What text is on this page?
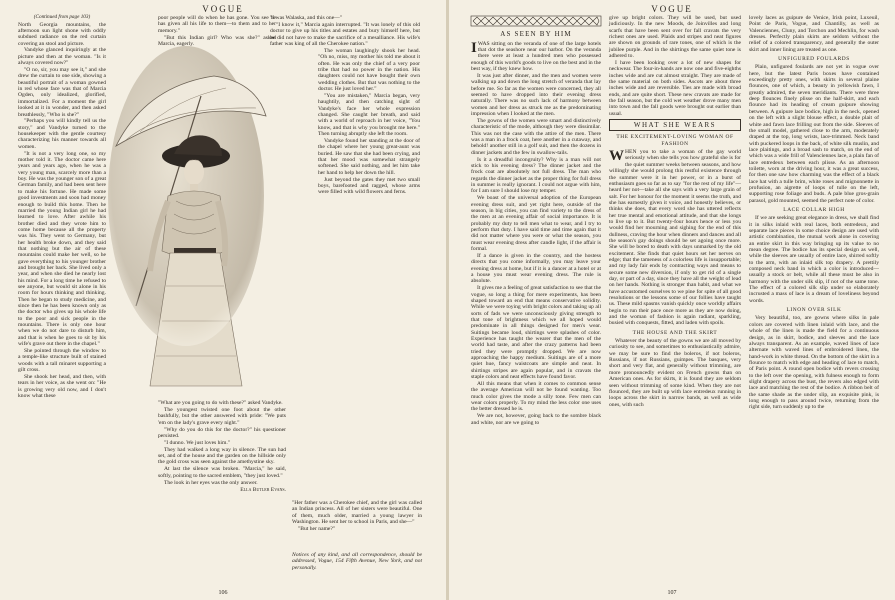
VOGUE

(Continued from page 103)

North Georgia mountains, the afternoon sun light shone with oddly subdued radiance on the red curtain covering an stool and picture.

Vandyke glanced inquiringly at the picture and then at the woman. "Is it always covered now?"

"O no, sir, you may see it," and she drew the curtain to one side, showing a beautiful portrait of a woman gowned in red whose face was that of Marcia Ogden, only idealized, glorified, immortalized. For a moment the girl looked at it in wonder, and then asked breathlessly, "Who is she?"

"Perhaps you will kindly tell us the story," and Vandyke turned to the housekeeper with the gentle courtesy characterizing his manner towards all women.

"It is not a very long one, so my mother told it. The doctor came here years and years ago, when he was a very young man, scarcely more than a boy. He was the younger son of a great German family, and had been sent here to make his fortune. He made some good investments and soon had money enough to build this home. Then he married the young Indian girl he had learned to love. After awhile his brother died and they wrote him to come home because all the property was his. They went to Germany, but her health broke down, and they said that nothing but the air of these mountains could make her well, so he gave everything to his younger brother and brought her back. She lived only a year, and when she died he nearly lost his mind. For a long time he refused to see anyone, but would sit alone in his room for hours thinking and thinking. Then he began to study medicine, and since then he has been known only as the doctor who gives up his whole life to the poor and sick people in the mountains. There is only one hour when we do not dare to disturb him, and that is when he goes to sit by his wife's grave out there in the chapel."

She pointed through the window to a temple-like structure built of stained woods with a tall minaret supporting a gilt cross.

She shook her head, and then, with tears in her voice, as she went on: "He is growing very old now, and I don't know what these

poor people will do when he has gone. You see he has given all his life to them—to them and to her memory."

"But this Indian girl? Who was she?" asked Marcia, eagerly.

"I was Walaska, and this one—"

"I know it," Marcia again interrupted. "It was lonely of this old doctor to give up his titles and estates and bury himself here, but he did not have to make the sacrifice of a mesalliance. His wife's father was king of all the Cherokee nation."

The woman laughingly shook her head. "Oh no, miss, my mother his told me about it often. He was only the chief of a very poor tribe that had no power in the nation. His daughters could not have bought their own wedding clothes. But that was nothing to the doctor. He just loved her."

"You are mistaken," Marcia began, very haughtily, and then catching sight of Vandyke's face her whole expression changed. She caught her breath, and said with a world of reproach in her voice, "You know, and that is why you brought me here." Then turning abruptly she left the room.

Vandyke found her standing at the door of the chapel where her young great-aunt was buried. He saw that she had been crying, and that her mood was somewhat strangely softened. She said nothing, and let him take her hand to help her down the hill.

Just beyond the gates they met two small boys, barefooted and ragged, whose arms were filled with wild flowers and ferns.

"What are you going to do with these?" asked Vandyke.

The youngest twisted one foot about the other bashfully, but the other answered with pride: "We puts 'em on the lady's grave every night."

"Why do you do this for the doctor?" his questioner persisted.

"I dunno. We just loves him."

They had walked a long way in silence. The sun had set, and of the house and the garden on the hillside only the gold cross was seen against the amethystine sky.

At last the silence was broken. "Marcia," he said, softly, pointing to the sacred emblem, "they just loved."

The look in her eyes was the only answer.

Ella Butler Evans.

"Her father was a Cherokee chief, and the girl was called an Indian princess. All of her sisters were beautiful. One of them, much older, married a young lawyer in Washington. He sent her to school in Paris, and she—"

"But her name?"

Notices of any kind, and all correspondence, should be addressed, Vogue, 154 Fifth Avenue, New York, and not personally.

106
VOGUE
AS SEEN BY HIM

IWAS sitting on the veranda of one of the large hotels that dot the seashore near our harbor. On the veranda there were at least a hundred men who possessed enough of this world's goods to live on the best and in the best way, if they knew how.

It was just after dinner, and the men and women were walking up and down the long stretch of veranda that lay before me. So far as the women were concerned, they all seemed to have dropped into their evening dress naturally. There was no such lack of harmony between women and her dress as struck me as the predominating impression when I looked at the men.

The gowns of the women were smart and distinctively characteristic of the mode, although they were dissimilar. This was not the case with the attire of the men. There was a man in a frock coat, here another in a cutaway, and behold! another still in a golf suit, and then the dozens in dinner jackets and the few in swallow-tails.

Is it a dreadful incongruity? Why is a man will not stick to his evening dress? The dinner jacket and the frock coat are absolutely not full dress. The man who regards the dinner jacket as the proper thing for full dress in summer is really ignorant. I could not argue with him, for I am sure I should lose my temper.

We boast of the universal adoption of the European evening dress suit, and yet right here, outside of the season, in big cities, you can find variety to the dress of the men at an evening affair of social importance. It is probably my duty to tell men what to wear, and I try to perform that duty. I have said time and time again that it did not matter where you were or what the season, you must wear evening dress after candle light, if the affair is formal.

If a dance is given in the country, and the hostess directs that you come informally, you may leave your evening dress at home, but if it is a dancer at a hotel or at a house you must wear evening dress. The rule is absolute.

It gives me a feeling of great satisfaction to see that the vogue, so long a thing for mere experiments, has been shaped toward an end that means conservative solidity. While we were toying with bright colors and taking up all sorts of fads we were unconsciously giving strength to that tone of brightness which we all hoped would predominate in all things designed for men's wear. Suitings became loud, shirtings were splashes of color. Experience has taught the wearer that the men of the world had taste, and after the crazy patterns had been tried they were promptly dropped. We are now approaching the happy medium. Suitings are of a more quiet hue, fancy waistcoats are simple and neat. In shirtings stripes are again popular, and in cravats the staple colors and neat effects have found favor.

All this means that when it comes to common sense the average American will not be found wanting. Too much color gives the mode a silly tone. Few men can wear colors properly. To my mind the less color one uses the better dressed he is.

We are not, however, going back to the sombre black and white, nor are we going to

give up bright colors. They will be used, but used judiciously. In the new Moods, de Joinvilles and long scarfs that have been sent over for fall cravats the very richest ones are used. Plaids and stripes and neat figures are shown on grounds of rare tones, one of which is the jubilee purple. And in the shirtings the same quiet tone is adhered to.

I have been looking over a lot of new shapes for neckwear. The four-in-hands are now one and five-eighths inches wide and are cut almost straight. They are made of the same material on both sides. Ascots are about three inches wide and are reversible. Ties are made with broad ends, and are quite short. These new cravats are made for the fall season, but the cold wet weather drove many men into town and the fall goods were brought out earlier than usual.

WHAT SHE WEARS
THE EXCITEMENT-LOVING WOMAN OF FASHION

WHEN you to take a woman of the gay world seriously when she tells you how grateful she is for the quiet summer weeks between seasons, and how willingly she would prolong this restful existence through the summer were it in her power, or in a burst of enthusiasm goes so far as to say "for the rest of my life"—heard her not—take all she says with a very large grain of salt. For her honour for the moment it seems the truth, and she has earnestly given it voice, and honestly believes, or thinks she does, that every word she has uttered reflects her true mental and emotional attitude, and that she longs to live up to it. But twenty-four hours hence or less you would find her mourning and sighing for the end of this dullness, craving the hour when dinners and dances and all the season's gay doings should be set agoing once more. She will be bored to death with days unmarked by the old excitement. She finds that quiet hours set her nerves on edge; that the tameness of a colorless life is insupportable; and my lady fair ends by contracting ways and means to secure some new diversion, if only to get rid of a single day, or part of a day, since they have all the weight of lead on her hands. Nothing is stronger than habit, and what we have accustomed ourselves to we pine for spite of all good resolutions or the lessons some of our follies have taught us. These mild spasms vanish quickly once worldly affairs begin to run their pace once more as they are now doing, and the woman of fashion is again radiant, sparkling, busied with conquests, fitted, and laden with spoils.

THE HOUSE AND THE SKIRT

Whatever the beauty of the gowns we are all moved by curiosity to see, and sometimes to enthusiastically admire, we may be sure to find the boleros, if not boleros, Russians, if not Russians, guimpes. The basques, very short and very flat, and generally without trimming, are more pronouncedly evident on French gowns than on American ones. As for skirts, it is found they are seldom seen without trimming of some kind. When they are not flounced, they are built up with lace entredeux running in loops across the skirt in narrow bands, as well as wide ones, with such

lovely laces as guipure de Venice, Irish point, Luxeuil, Point de Paris, Vogue, and Chantilly, as well as Valenciennes, Cluny, and Torchon and Mechlin, for wash dresses. Perfectly plain skirts are seldom without the relief of a colored transparency, and generally the outer skirt and inner lining are treated as one.

UNFIGURED FOULARDS

Plain, unfigured foulards are not yet in vogue over here, but the latest Paris boxes have contained exceedingly pretty ones, with skirts in several plaine flounces, one of which, a beauty in yellowish fawn, I greatly admired, the seven meridiants. There were three deep flounces finely plisse on the half-skirt, and each flounce had its heading of cream guipure showing between. A guipure lace bodice, high in the neck, opened on the left with a slight blouse effect, a double plait of white and fawn lace frilling out from the side. Sleeves of the small model, gathered close to the arm, moderately draped at the top, long wrists, lace-trimmed. Neck band with puckered loops in the back, of white silk muslin, and lace plaitings, and a broad sash to match, on the end of which was a wide frill of Valenciennes lace, a plain fan of lace entredeux between each plisse. As an afternoon toilette, worn at the driving hour, it was a great success, for then one saw how charming was the effect of a black lace hat with a tulle brim, white roses and mignonnette in profusion, an aigrette of loops of tulle on the left, supporting rose foliage and buds. A pale blue gros-grain parasol, gold mounted, seemed the perfect note of color.

LACE COLLAR HIGH

If we are seeking great elegance in dress, we shall find it in silks inlaid with real laces, both entredeux, and separate lace pieces in some choice design are used with artistic combination, the mutual work alone in covering an entire skirt in this way bringing up its value to no mean degree. The bodice has its special design as well, while the sleeves are usually of entire lace, shirred softly to the arm, with an inlaid silk top drapery. A prettily composed neck band in which a color is introduced—usually a stock or belt, while all these must be also in harmony with the under silk slip, if not of the same tone. The effect of a colored silk slip under so elaborately incrusted a mass of lace is a dream of loveliness beyond words.

LINON OVER SILK

Very beautiful, too, are gowns where silks in pale colors are covered with linen inlaid with lace, and the whole of the linen is made the field for a continuous design, as in skirt, bodice, and sleeves and the lace always transparent. As an example, waved lines of lace alternate with waved lines of embroidered linen, the hand-work in white thread. On the bottom of the skirt in a flounce to match with edge and heading of lace to match, of Paris point. A round open bodice with revers crossing to the left over the opening, with fulness enough to form slight drapery across the bust, the revers also edged with lace and matching the rest of the bodice. A ribbon belt of the same shade as the under slip, an exquisite pink, is long enough to pass around twice, returning from the right side, turn suddenly up to the

107
